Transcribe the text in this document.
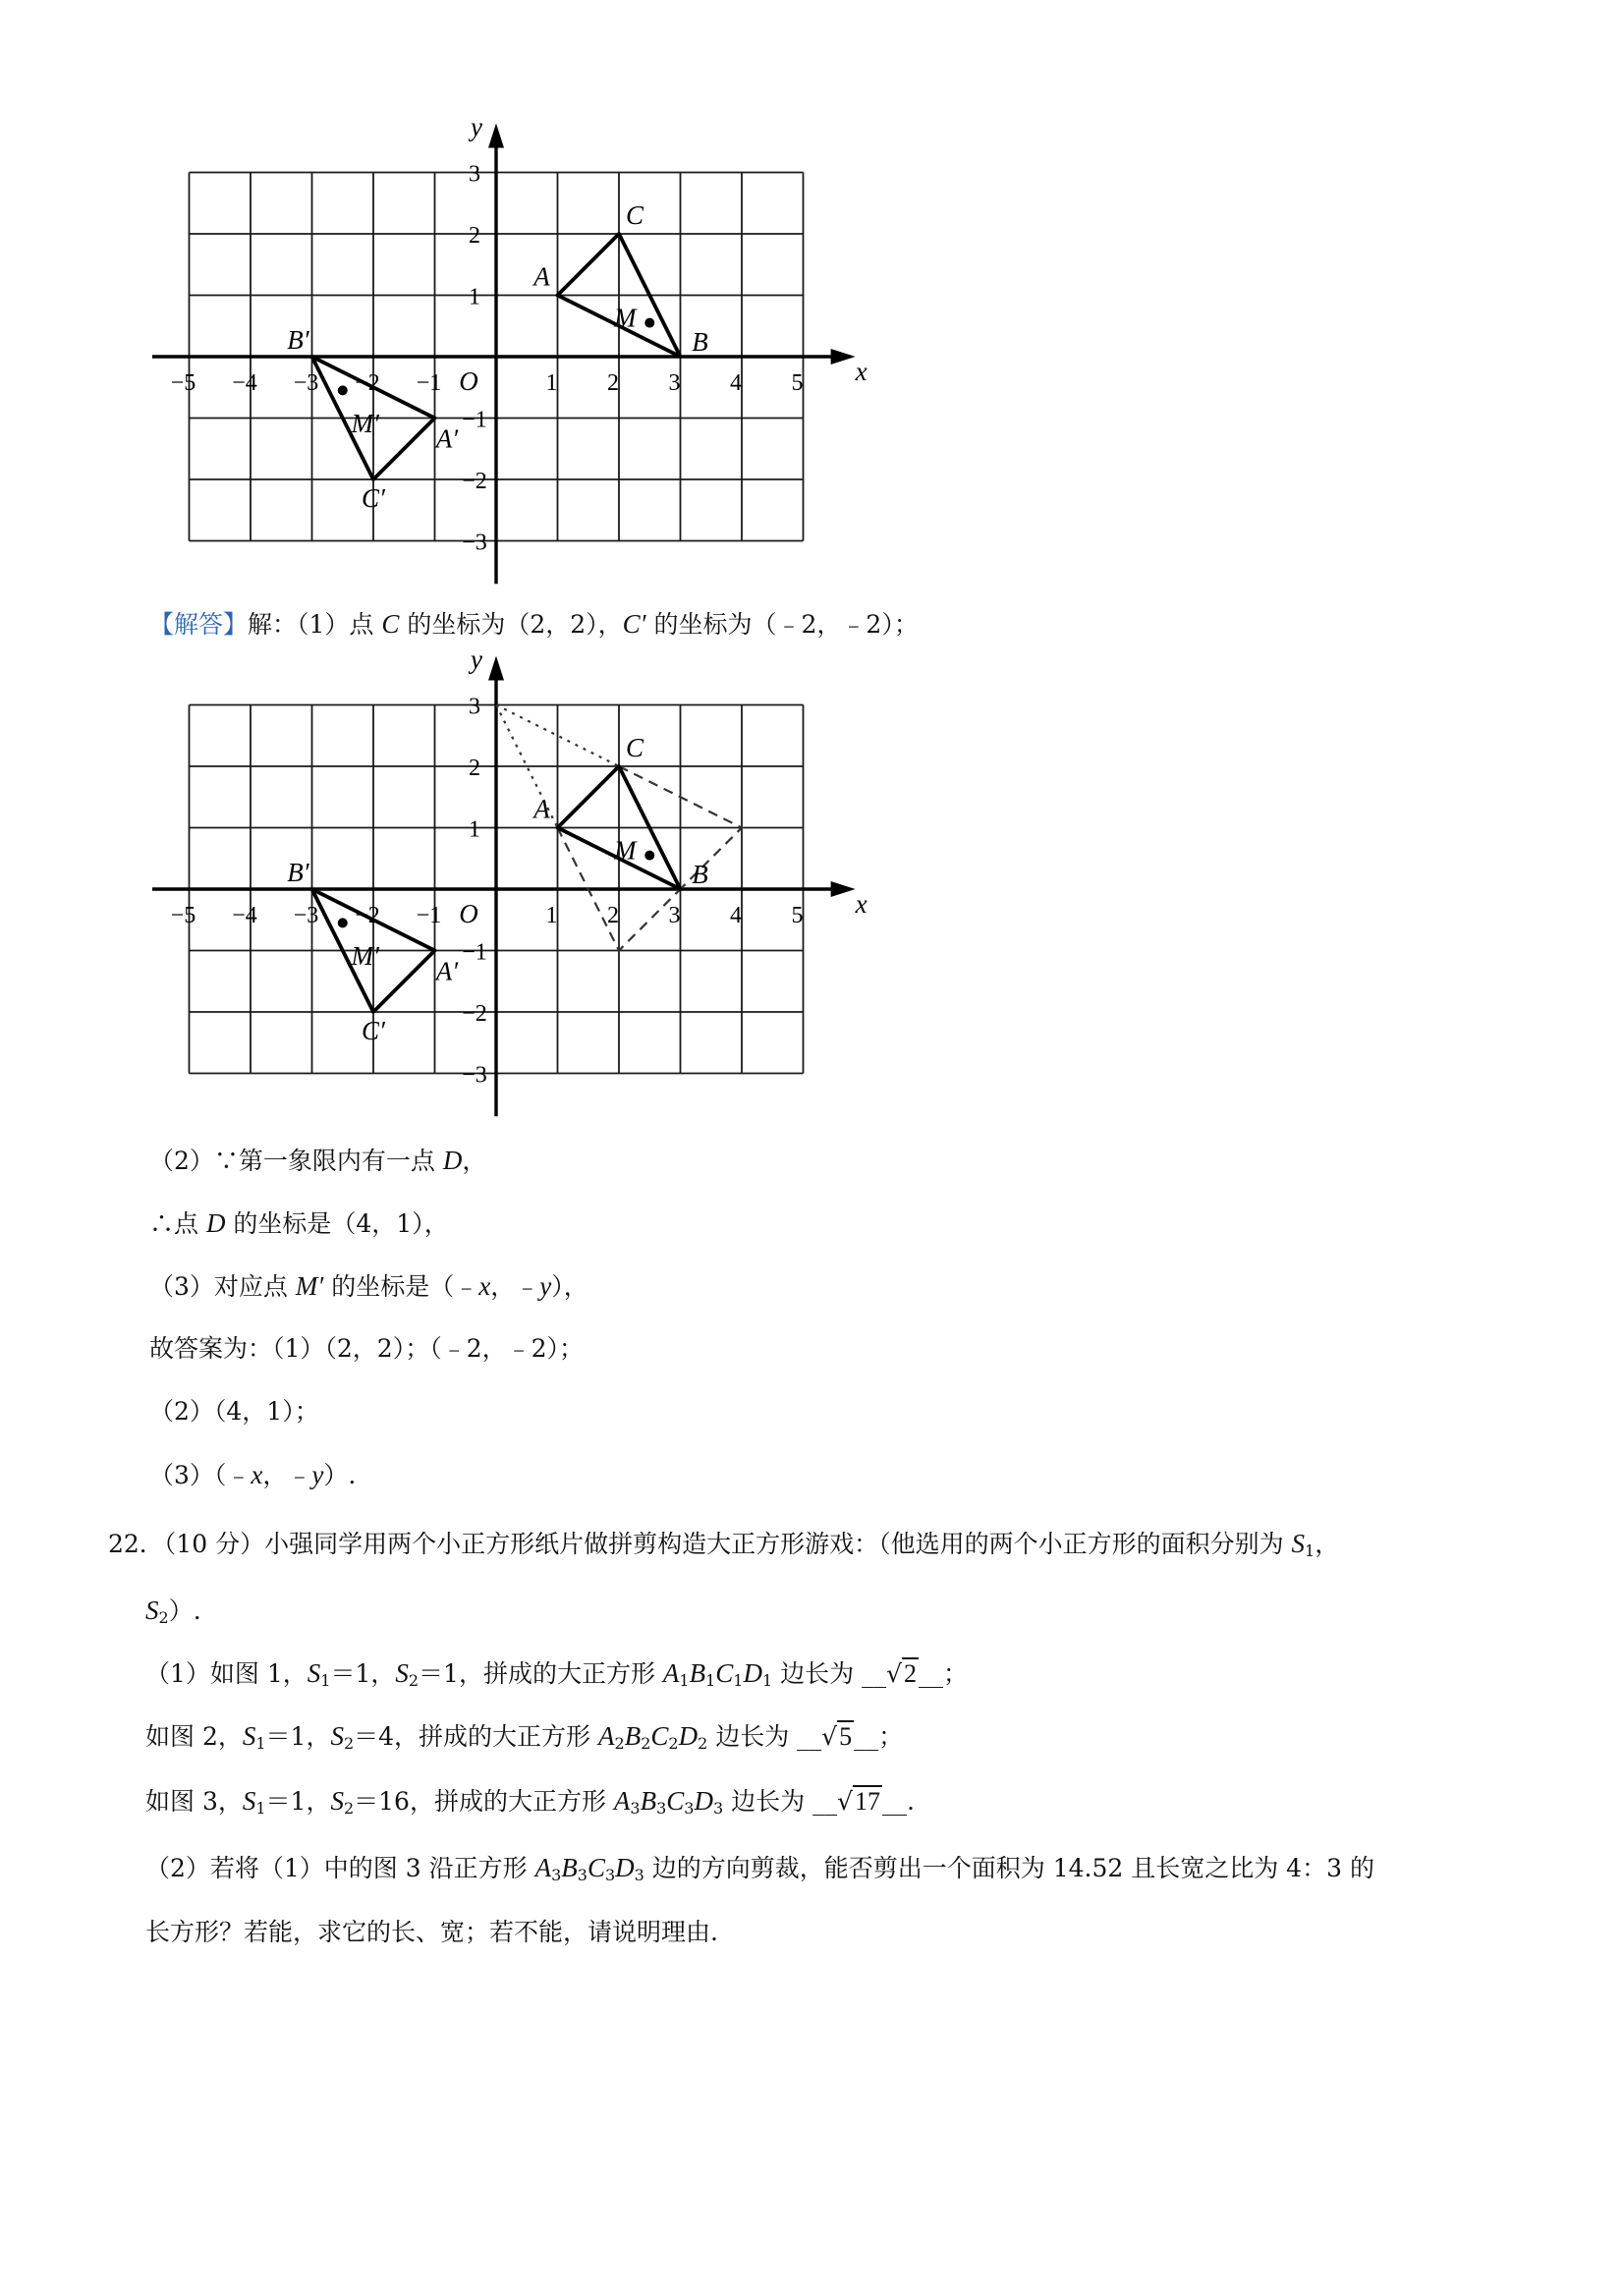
−5 −4 −3 −2 −1	1 2 3 4 5
3
2
1
−1
−2
−3
x
y
O
A
C
B
M
B′
M′
A′
C′
【解答】解：（1）点 C 的坐标为（2，2），C′ 的坐标为（﹣2，﹣2）；
−5 −4 −3 −2 −1	1 2 3 4 5
3
2
1
−1
−2
−3
x
y
O
A
C
B
M
B′
M′
A′
C′
（2）∵第一象限内有一点 D，
∴点 D 的坐标是（4，1），
（3）对应点 M′ 的坐标是（﹣x，﹣y），
故答案为：（1）（2，2）；（﹣2，﹣2）；
（2）（4，1）；
（3）（﹣x，﹣y）.
22．（10 分）小强同学用两个小正方形纸片做拼剪构造大正方形游戏：（他选用的两个小正方形的面积分别为 $S_1$，
$S_2$）.
（1）如图 1，$S_1=1$，$S_2=1$，拼成的大正方形 $A_1B_1C_1D_1$ 边长为 __√2__；
如图 2，$S_1=1$，$S_2=4$，拼成的大正方形 $A_2B_2C_2D_2$ 边长为 __√5__；
如图 3，$S_1=1$，$S_2=16$，拼成的大正方形 $A_3B_3C_3D_3$ 边长为 __√17__.
（2）若将（1）中的图 3 沿正方形 $A_3B_3C_3D_3$ 边的方向剪裁，能否剪出一个面积为 14.52 且长宽之比为 4：3 的
长方形？若能，求它的长、宽；若不能，请说明理由.
